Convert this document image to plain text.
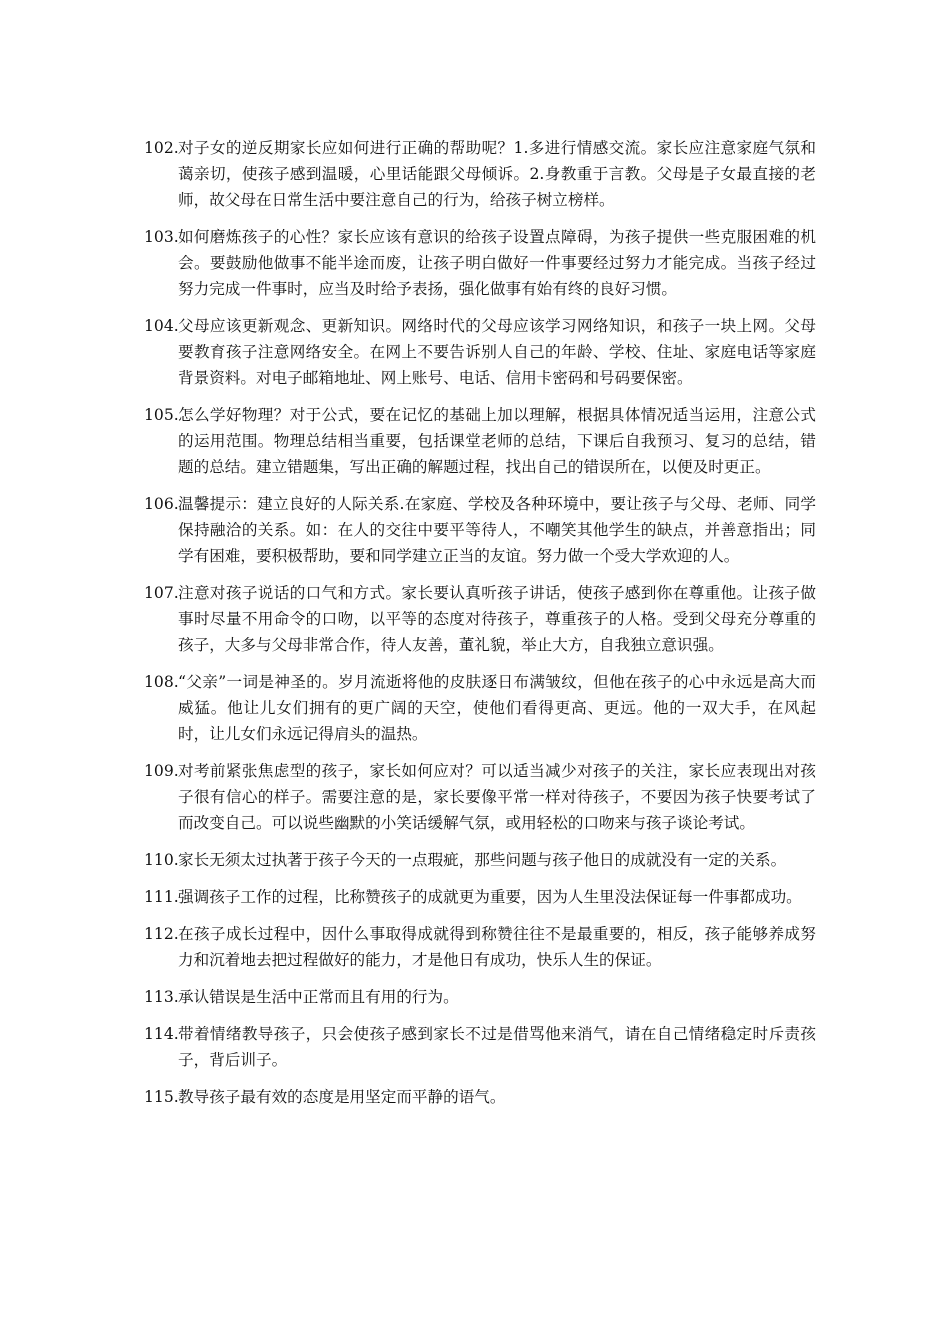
102. 对子女的逆反期家长应如何进行正确的帮助呢？1.多进行情感交流。家长应注意家庭气氛和蔼亲切，使孩子感到温暖，心里话能跟父母倾诉。2.身教重于言教。父母是子女最直接的老师，故父母在日常生活中要注意自己的行为，给孩子树立榜样。
103. 如何磨炼孩子的心性？家长应该有意识的给孩子设置点障碍，为孩子提供一些克服困难的机会。要鼓励他做事不能半途而废，让孩子明白做好一件事要经过努力才能完成。当孩子经过努力完成一件事时，应当及时给予表扬，强化做事有始有终的良好习惯。
104. 父母应该更新观念、更新知识。网络时代的父母应该学习网络知识，和孩子一块上网。父母要教育孩子注意网络安全。在网上不要告诉别人自己的年龄、学校、住址、家庭电话等家庭背景资料。对电子邮箱地址、网上账号、电话、信用卡密码和号码要保密。
105. 怎么学好物理？对于公式，要在记忆的基础上加以理解，根据具体情况适当运用，注意公式的运用范围。物理总结相当重要，包括课堂老师的总结，下课后自我预习、复习的总结，错题的总结。建立错题集，写出正确的解题过程，找出自己的错误所在，以便及时更正。
106. 温馨提示：建立良好的人际关系.在家庭、学校及各种环境中，要让孩子与父母、老师、同学保持融洽的关系。如：在人的交往中要平等待人，不嘲笑其他学生的缺点，并善意指出；同学有困难，要积极帮助，要和同学建立正当的友谊。努力做一个受大学欢迎的人。
107. 注意对孩子说话的口气和方式。家长要认真听孩子讲话，使孩子感到你在尊重他。让孩子做事时尽量不用命令的口吻，以平等的态度对待孩子，尊重孩子的人格。受到父母充分尊重的孩子，大多与父母非常合作，待人友善，董礼貌，举止大方，自我独立意识强。
108. “父亲”一词是神圣的。岁月流逝将他的皮肤逐日布满皱纹，但他在孩子的心中永远是高大而威猛。他让儿女们拥有的更广阔的天空，使他们看得更高、更远。他的一双大手，在风起时，让儿女们永远记得肩头的温热。
109. 对考前紧张焦虑型的孩子，家长如何应对？可以适当减少对孩子的关注，家长应表现出对孩子很有信心的样子。需要注意的是，家长要像平常一样对待孩子，不要因为孩子快要考试了而改变自己。可以说些幽默的小笑话缓解气氛，或用轻松的口吻来与孩子谈论考试。
110. 家长无须太过执著于孩子今天的一点瑕疵，那些问题与孩子他日的成就没有一定的关系。
111. 强调孩子工作的过程，比称赞孩子的成就更为重要，因为人生里没法保证每一件事都成功。
112. 在孩子成长过程中，因什么事取得成就得到称赞往往不是最重要的，相反，孩子能够养成努力和沉着地去把过程做好的能力，才是他日有成功，快乐人生的保证。
113. 承认错误是生活中正常而且有用的行为。
114. 带着情绪教导孩子，只会使孩子感到家长不过是借骂他来消气，请在自己情绪稳定时斥责孩子，背后训子。
115. 教导孩子最有效的态度是用坚定而平静的语气。
